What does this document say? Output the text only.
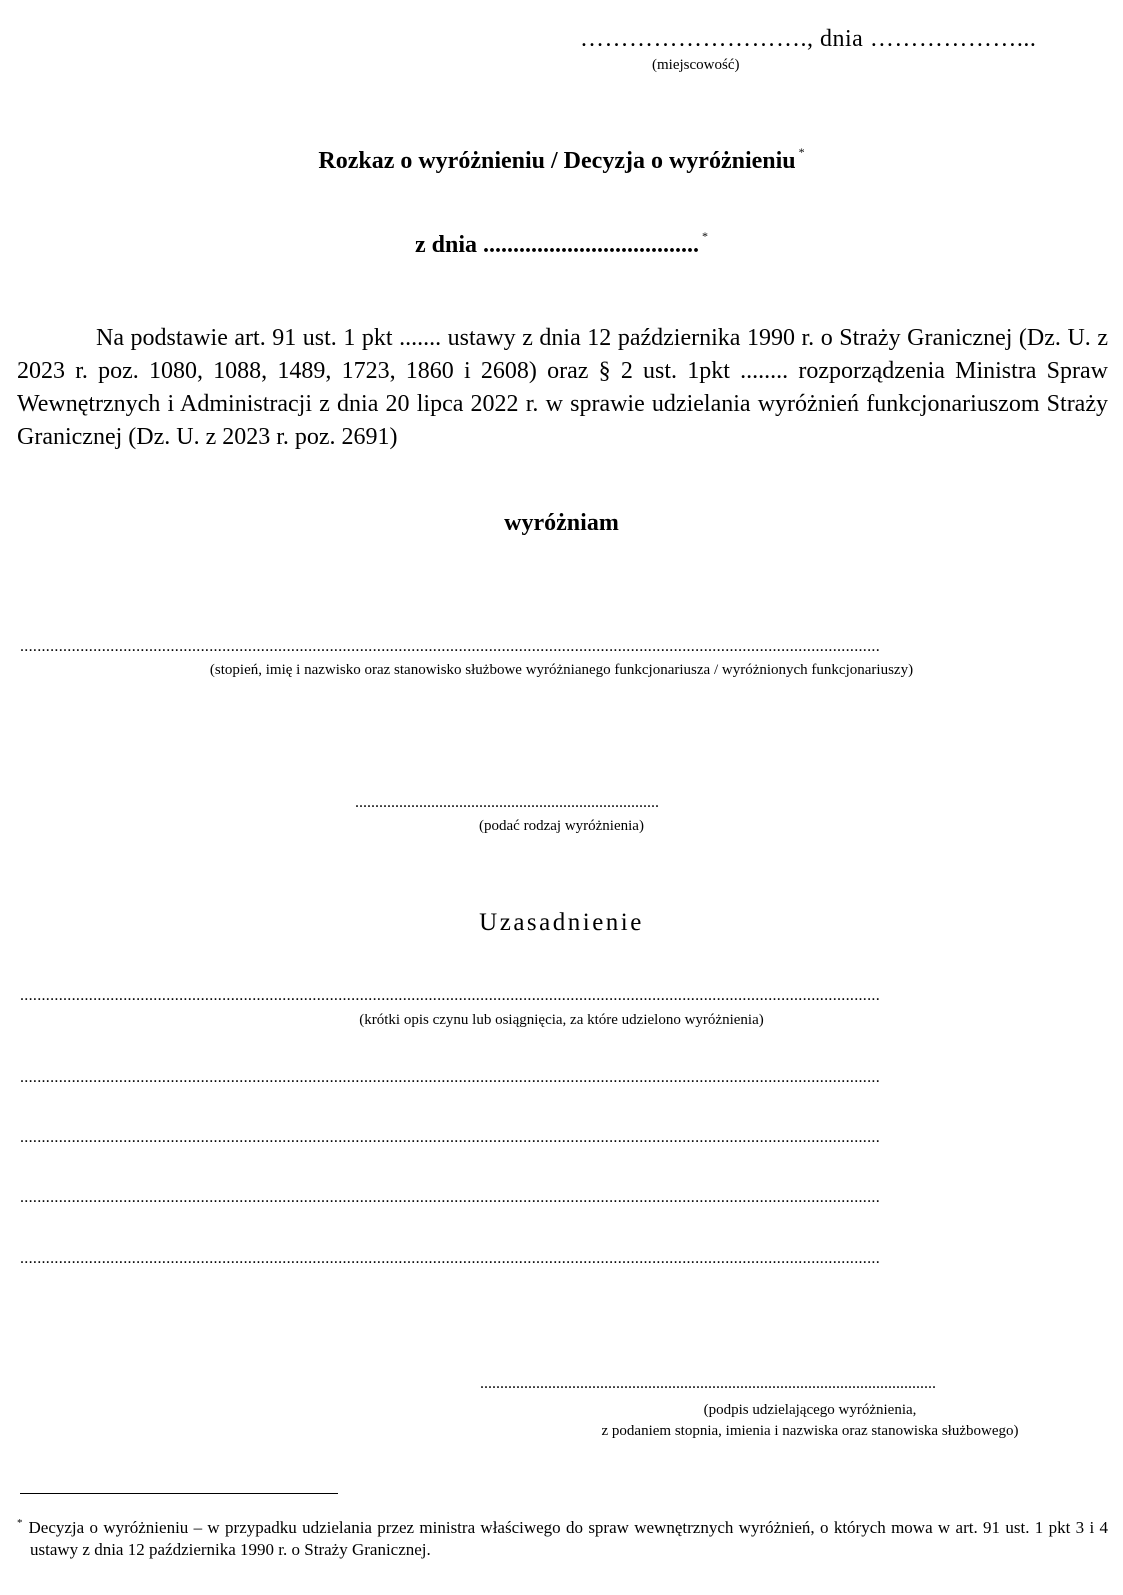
………………………., dnia ………………...
(miejscowość)
Rozkaz o wyróżnieniu / Decyzja o wyróżnieniu *
z dnia .................................... *
Na podstawie art. 91 ust. 1 pkt ....... ustawy z dnia 12 października 1990 r. o Straży Granicznej (Dz. U. z 2023 r. poz. 1080, 1088, 1489, 1723, 1860 i 2608) oraz § 2 ust. 1pkt ........ rozporządzenia Ministra Spraw Wewnętrznych i Administracji z dnia 20 lipca 2022 r. w sprawie udzielania wyróżnień funkcjonariuszom Straży Granicznej (Dz. U. z 2023 r. poz. 2691)
wyróżniam
........................................................................................................................................................................................................
(stopień, imię i nazwisko oraz stanowisko służbowe wyróżnianego funkcjonariusza / wyróżnionych funkcjonariuszy)
............................................................................
(podać rodzaj wyróżnienia)
Uzasadnienie
........................................................................................................................................................................................................
(krótki opis czynu lub osiągnięcia, za które udzielono wyróżnienia)
........................................................................................................................................................................................................
........................................................................................................................................................................................................
........................................................................................................................................................................................................
........................................................................................................................................................................................................
..................................................................................................................
(podpis udzielającego wyróżnienia,
z podaniem stopnia, imienia i nazwiska oraz stanowiska służbowego)
* Decyzja o wyróżnieniu – w przypadku udzielania przez ministra właściwego do spraw wewnętrznych wyróżnień, o których mowa w art. 91 ust. 1 pkt 3 i 4 ustawy z dnia 12 października 1990 r. o Straży Granicznej.
